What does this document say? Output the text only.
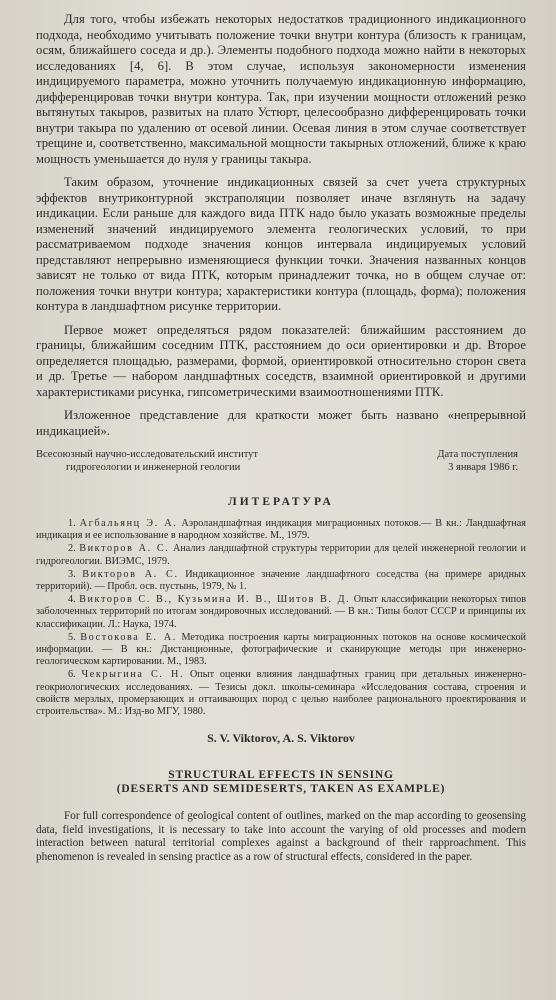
Для того, чтобы избежать некоторых недостатков традиционного индикационного подхода, необходимо учитывать положение точки внутри контура (близость к границам, осям, ближайшего соседа и др.). Элементы подобного подхода можно найти в некоторых исследованиях [4, 6]. В этом случае, используя закономерности изменения индицируемого параметра, можно уточнить получаемую индикационную информацию, дифференцировав точки внутри контура. Так, при изучении мощности отложений резко вытянутых такыров, развитых на плато Устюрт, целесообразно дифференцировать точки внутри такыра по удалению от осевой линии. Осевая линия в этом случае соответствует трещине и, соответственно, максимальной мощности такырных отложений, ближе к краю мощность уменьшается до нуля у границы такыра.

Таким образом, уточнение индикационных связей за счет учета структурных эффектов внутриконтурной экстраполяции позволяет иначе взглянуть на задачу индикации. Если раньше для каждого вида ПТК надо было указать возможные пределы изменений значений индицируемого элемента геологических условий, то при рассматриваемом подходе значения концов интервала индицируемых условий представляют непрерывно изменяющиеся функции точки. Значения названных концов зависят не только от вида ПТК, которым принадлежит точка, но в общем случае от: положения точки внутри контура; характеристики контура (площадь, форма); положения контура в ландшафтном рисунке территории.

Первое может определяться рядом показателей: ближайшим расстоянием до границы, ближайшим соседним ПТК, расстоянием до оси ориентировки и др. Второе определяется площадью, размерами, формой, ориентировкой относительно сторон света и др. Третье — набором ландшафтных соседств, взаимной ориентировкой и другими характеристиками рисунка, гипсометрическими взаимоотношениями ПТК.

Изложенное представление для краткости может быть названо «непрерывной индикацией».

Всесоюзный научно-исследовательский институт
гидрогеологии и инженерной геологии
Дата поступления
3 января 1986 г.
ЛИТЕРАТУРА

1. Агбальянц Э. А. Аэроландшафтная индикация миграционных потоков.— В кн.: Ландшафтная индикация и ее использование в народном хозяйстве. М., 1979.

2. Викторов А. С. Анализ ландшафтной структуры территории для целей инженерной геологии и гидрогеологии. ВИЭМС, 1979.

3. Викторов А. С. Индикационное значение ландшафтного соседства (на примере аридных территорий). — Пробл. осв. пустынь, 1979, № 1.

4. Викторов С. В., Кузьмина И. В., Шитов В. Д. Опыт классификации некоторых типов заболоченных территорий по итогам зондировочных исследований. — В кн.: Типы болот СССР и принципы их классификации. Л.: Наука, 1974.

5. Востокова Е. А. Методика построения карты миграционных потоков на основе космической информации. — В кн.: Дистанционные, фотографические и сканирующие методы при инженерно-геологическом картировании. М., 1983.

6. Чекрыгина С. Н. Опыт оценки влияния ландшафтных границ при детальных инженерно-геокриологических исследованиях. — Тезисы докл. школы-семинара «Исследования состава, строения и свойств мерзлых, промерзающих и оттаивающих пород с целью наиболее рационального проектирования и строительства». М.: Изд-во МГУ, 1980.

S. V. Viktorov, A. S. Viktorov
STRUCTURAL EFFECTS IN SENSING
(DESERTS AND SEMIDESERTS, TAKEN AS EXAMPLE)

For full correspondence of geological content of outlines, marked on the map according to geosensing data, field investigations, it is necessary to take into account the varying of old processes and modern interaction between natural territorial complexes against a background of their rapproachment. This phenomenon is revealed in sensing practice as a row of structural effects, considered in the paper.
